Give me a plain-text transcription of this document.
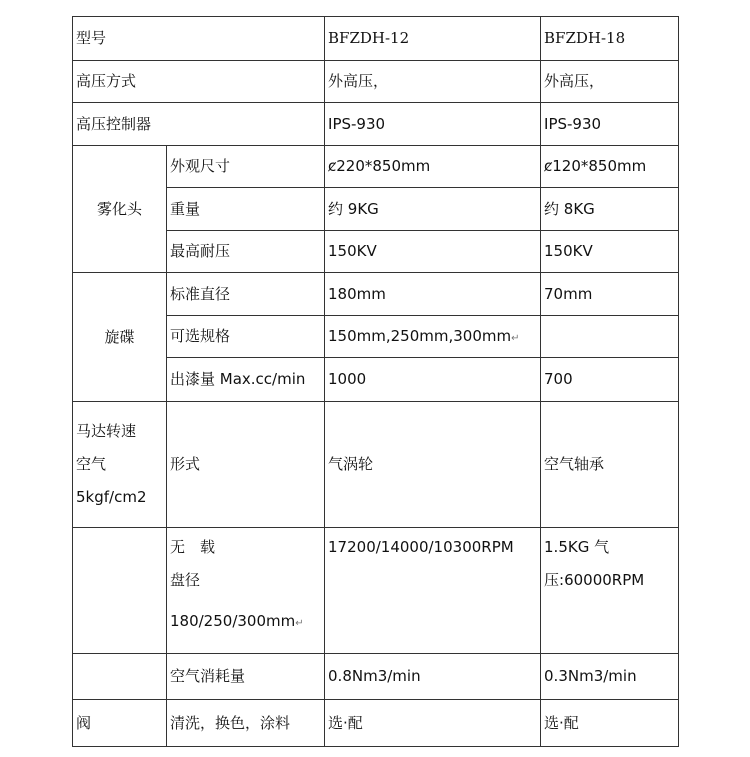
型号		BFZDH-12	BFZDH-18
高压方式		外高压，	外高压，
高压控制器		IPS-930	IPS-930
雾化头	外观尺寸	ȼ220*850mm	ȼ120*850mm
	重量	约 9KG	约 8KG
	最高耐压	150KV	150KV
旋碟	标准直径	180mm	70mm
	可选规格	150mm,250mm,300mm↵	
	出漆量 Max.cc/min	1000	700

马达转速
空气
5kgf/cm2	形式	气涡轮	空气轴承

	无　载
盘径
180/250/300mm↵	17200/14000/10300RPM	1.5KG 气
压:60000RPM

	空气消耗量	0.8Nm3/min	0.3Nm3/min
阀	清洗，换色，涂料	选·配	选·配
